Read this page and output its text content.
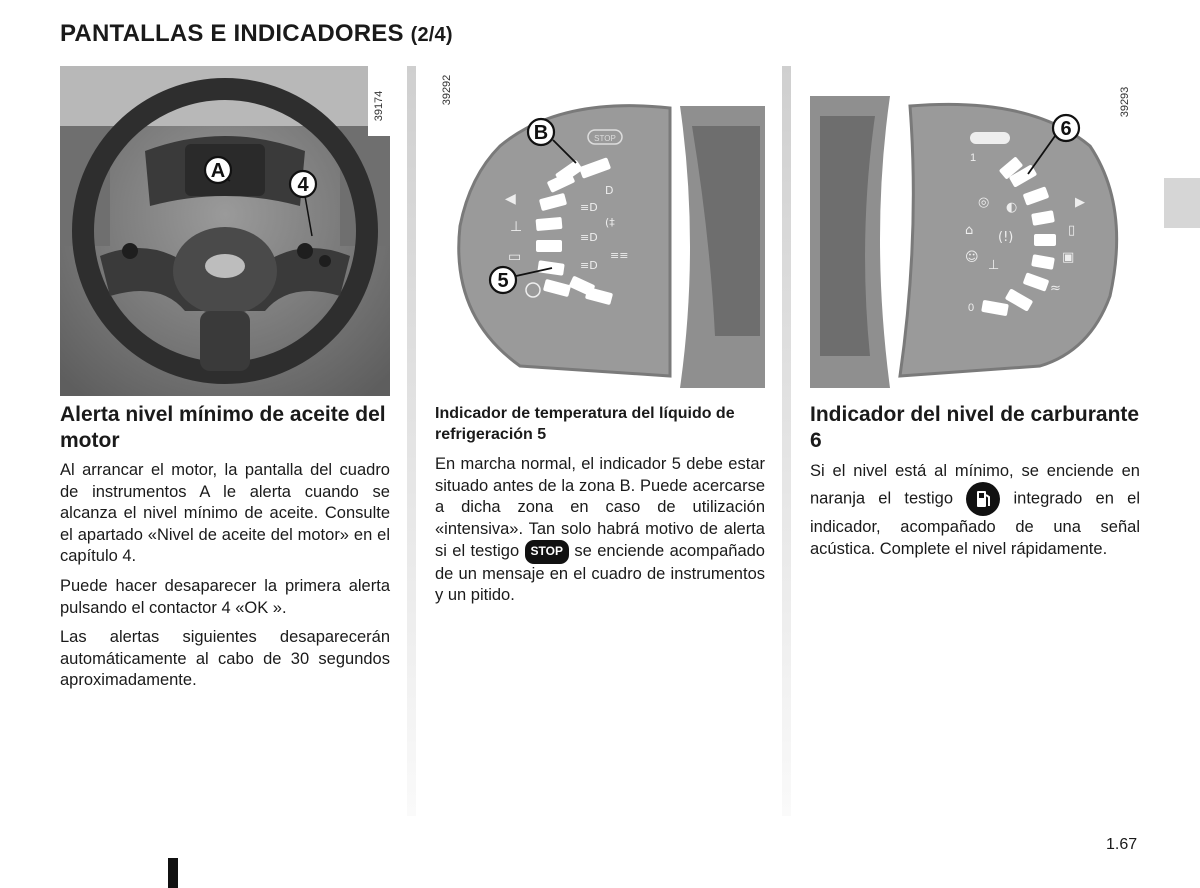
PANTALLAS E INDICADORES (2/4)
A
4
39174
39292
STOP
◀
⊥
▭
≡D
≡D
≡D
D
(‡
≡≡
B
5
39293
1
0
◎ ◐
⌂ (!)
☺
⊥
▶
▯
▣
≈
6
Alerta nivel mínimo de aceite del motor
Al arrancar el motor, la pantalla del cuadro de instrumentos A le alerta cuando se alcanza el nivel mínimo de aceite. Consulte el apartado «Nivel de aceite del motor» en el capítulo 4.
Puede hacer desaparecer la primera alerta pulsando el contactor 4 «OK ».
Las alertas siguientes desaparecerán automáticamente al cabo de 30 segundos aproximadamente.
Indicador de temperatura del líquido de refrigeración 5
En marcha normal, el indicador 5 debe estar situado antes de la zona B. Puede acercarse a dicha zona en caso de utilización «intensiva». Tan solo habrá motivo de alerta si el testigo STOP se enciende acompañado de un mensaje en el cuadro de instrumentos y un pitido.
Indicador del nivel de carburante 6
Si el nivel está al mínimo, se enciende en naranja el testigo	integrado en el indicador, acompañado de una señal acústica. Complete el nivel rápidamente.
1.67
